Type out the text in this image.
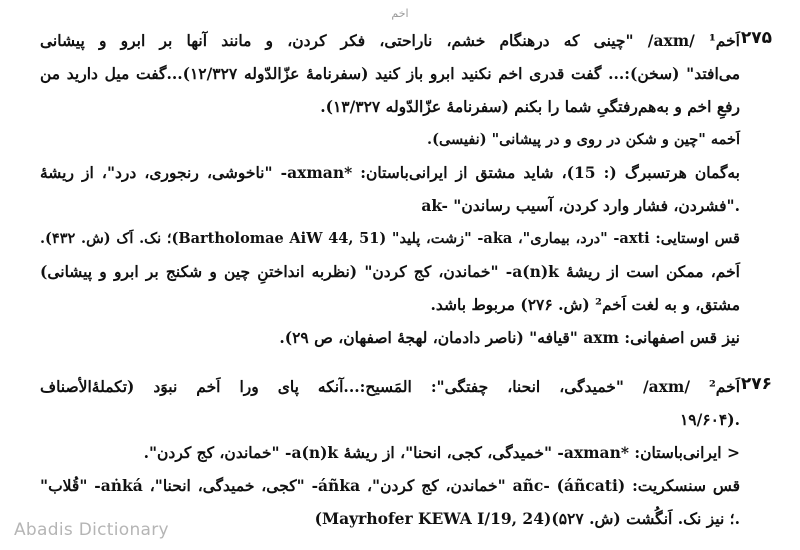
اخم
۲۷۵
اَخم¹ /axm/ "چینی که درهنگام خشم، ناراحتی، فکر کردن، و مانند آنها بر ابرو و پیشانی
می‌افتد" (سخن):... گفت قدری اخم نکنید ابرو باز کنید (سفرنامهٔ عزّالدّوله ۱۲/۳۲۷)...گفت میل دارید من
رفعِ اخم و به‌هم‌رفتگیِ شما را بکنم (سفرنامهٔ عزّالدّوله ۱۳/۳۲۷).
اَخمه "چین و شکن در روی و در پیشانی" (نفیسی).
به‌گمان هرتسبرگ (: 15)، شاید مشتق از ایرانی‌باستان: *axman- "ناخوشی، رنجوری، درد"، از ریشهٔ
ak- "فشردن، فشار وارد کردن، آسیب رساندن".
قس اوستایی: axti- "درد، بیماری"، aka- "زشت، پلید" (Bartholomae AiW 44, 51)؛ نک. اَک (ش. ۴۳۲).
اَخم، ممکن است از ریشهٔ a(n)k- "خماندن، کج کردن" (نظربه انداختنِ چین و شکنج بر ابرو و پیشانی)
مشتق، و به لغت اَخم² (ش. ۲۷۶) مربوط باشد.
نیز قس اصفهانی: axm "قیافه" (ناصر دادمان، لهجهٔ اصفهان، ص ۲۹).
۲۷۶
اَخم² /axm/ "خمیدگی، انحنا، چفتگی": المَسیح:...آنکه پای ورا اَخم نبوَد (تکملهٔ‌الأصناف
۱۹/۶۰۴).
< ایرانی‌باستان: *axman- "خمیدگی، کجی، انحنا"، از ریشهٔ a(n)k- "خماندن، کج کردن".
قس سنسکریت: añc- (áñcati) "خماندن، کج کردن"، áñka- "کجی، خمیدگی، انحنا"، aṅká- "قُلاب"
(Mayrhofer KEWA I/19, 24)؛ نیز نک. اَنگُشت (ش. ۵۲۷).
Abadis Dictionary
